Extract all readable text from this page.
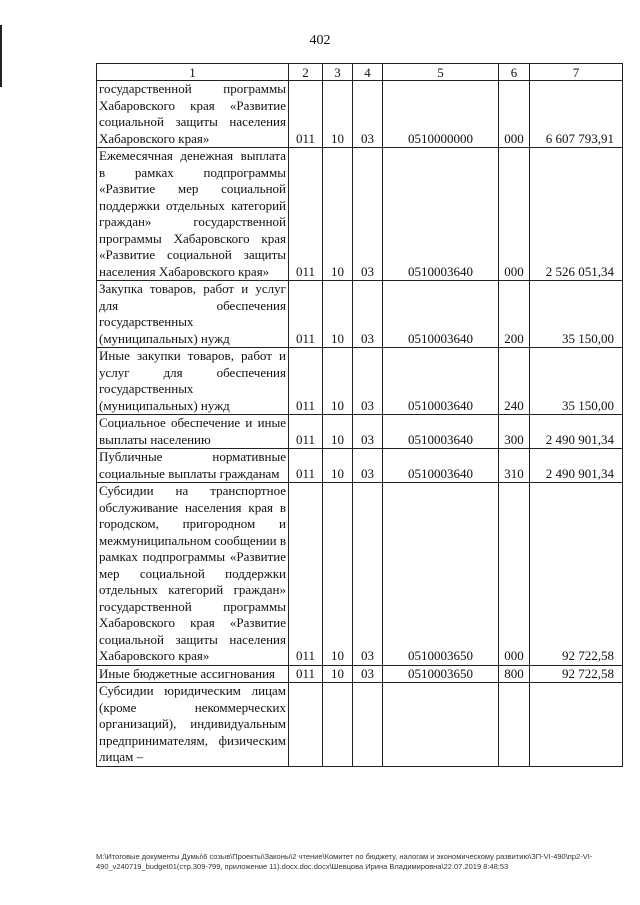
402
1	2	3	4	5	6	7
государственной программы Хабаровского края «Развитие социальной защиты населения Хабаровского края»	011	10	03	0510000000	000	6 607 793,91
Ежемесячная денежная выплата в рамках подпрограммы «Развитие мер социальной поддержки отдельных категорий граждан» государственной программы Хабаровского края «Развитие социальной защиты населения Хабаровского края»	011	10	03	0510003640	000	2 526 051,34
Закупка товаров, работ и услуг для обеспечения государственных (муниципальных) нужд	011	10	03	0510003640	200	35 150,00
Иные закупки товаров, работ и услуг для обеспечения государственных (муниципальных) нужд	011	10	03	0510003640	240	35 150,00
Социальное обеспечение и иные выплаты населению	011	10	03	0510003640	300	2 490 901,34
Публичные нормативные социальные выплаты гражданам	011	10	03	0510003640	310	2 490 901,34
Субсидии на транспортное обслуживание населения края в городском, пригородном и межмуниципальном сообщении в рамках подпрограммы «Развитие мер социальной поддержки отдельных категорий граждан» государственной программы Хабаровского края «Развитие социальной защиты населения Хабаровского края»	011	10	03	0510003650	000	92 722,58
Иные бюджетные ассигнования	011	10	03	0510003650	800	92 722,58
Субсидии юридическим лицам (кроме некоммерческих организаций), индивидуальным предпринимателям, физическим лицам –						
M:\Итоговые документы Думы\6 созыв\Проекты\Законы\2 чтение\Комитет по бюджету, налогам и экономическому развитию\ЗП-VI-490\пр2-VI-490_v240719_budget01(стр.309-799, приложение 11).docx.doc.docx\Шевцова Ирина Владимировна\22.07.2019 8:48:53
